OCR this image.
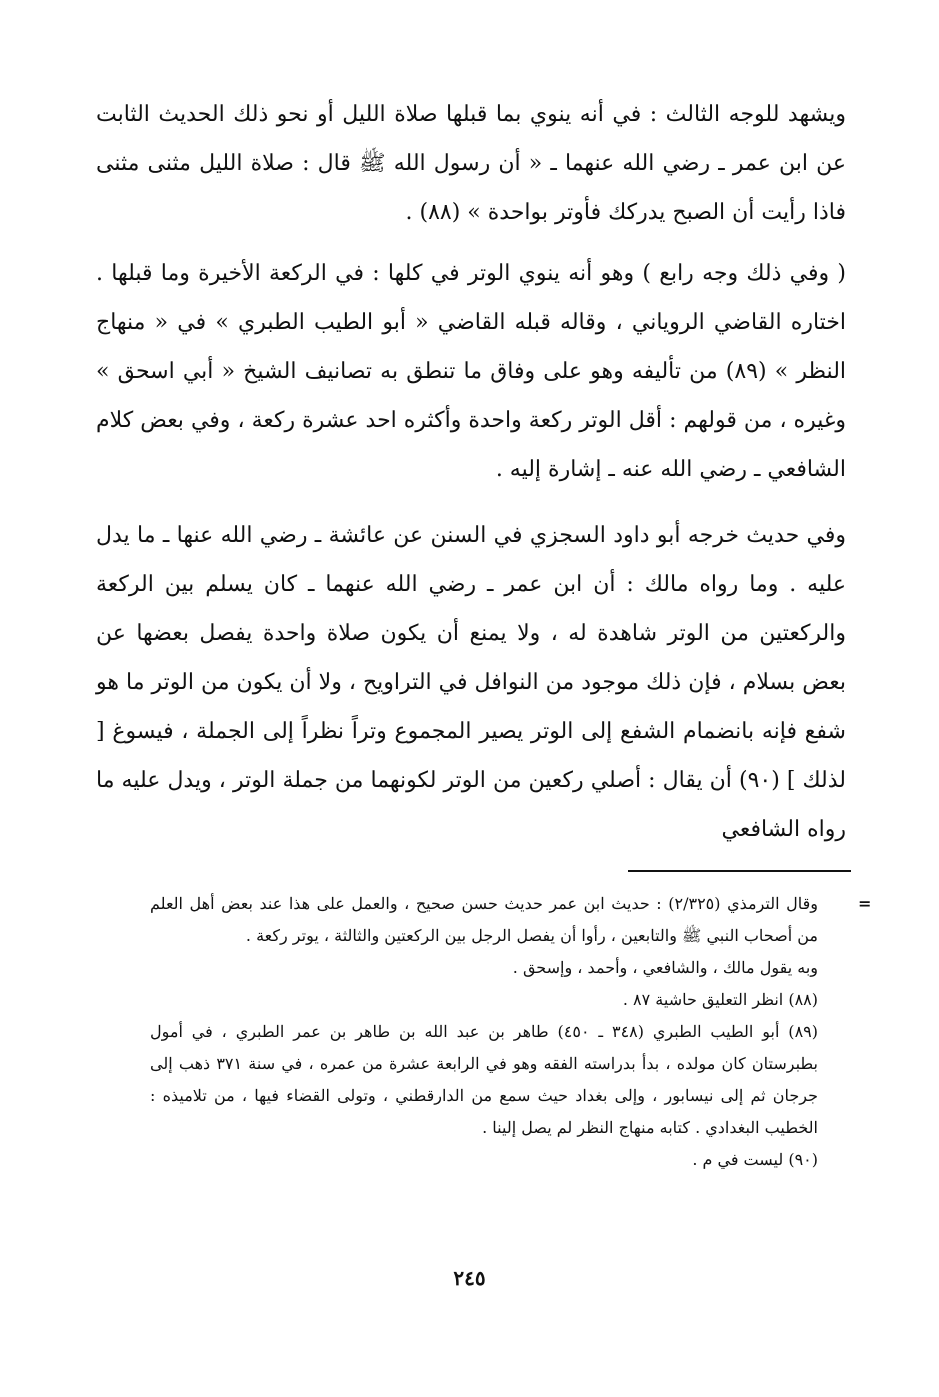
ويشهد للوجه الثالث : في أنه ينوي بما قبلها صلاة الليل أو نحو ذلك الحديث الثابت عن ابن عمر ـ رضي الله عنهما ـ « أن رسول الله ﷺ قال : صلاة الليل مثنى مثنى فاذا رأيت أن الصبح يدركك فأوتر بواحدة » (٨٨) .

( وفي ذلك وجه رابع ) وهو أنه ينوي الوتر في كلها : في الركعة الأخيرة وما قبلها . اختاره القاضي الروياني ، وقاله قبله القاضي « أبو الطيب الطبري » في « منهاج النظر » (٨٩) من تأليفه وهو على وفاق ما تنطق به تصانيف الشيخ « أبي اسحق » وغيره ، من قولهم : أقل الوتر ركعة واحدة وأكثره احد عشرة ركعة ، وفي بعض كلام الشافعي ـ رضي الله عنه ـ إشارة إليه .

وفي حديث خرجه أبو داود السجزي في السنن عن عائشة ـ رضي الله عنها ـ ما يدل عليه . وما رواه مالك : أن ابن عمر ـ رضي الله عنهما ـ كان يسلم بين الركعة والركعتين من الوتر شاهدة له ، ولا يمنع أن يكون صلاة واحدة يفصل بعضها عن بعض بسلام ، فإن ذلك موجود من النوافل في التراويح ، ولا أن يكون من الوتر ما هو شفع فإنه بانضمام الشفع إلى الوتر يصير المجموع وتراً نظراً إلى الجملة ، فيسوغ [ لذلك ] (٩٠) أن يقال : أصلي ركعين من الوتر لكونهما من جملة الوتر ، ويدل عليه ما رواه الشافعي

=

وقال الترمذي (٢/٣٢٥) : حديث ابن عمر حديث حسن صحيح ، والعمل على هذا عند بعض أهل العلم من أصحاب النبي ﷺ والتابعين ، رأوا أن يفصل الرجل بين الركعتين والثالثة ، يوتر ركعة .

وبه يقول مالك ، والشافعي ، وأحمد ، وإسحق .

(٨٨) انظر التعليق حاشية ٨٧ .

(٨٩) أبو الطيب الطبري (٣٤٨ ـ ٤٥٠) طاهر بن عبد الله بن طاهر بن عمر الطبري ، في أمول بطبرستان كان مولده ، بدأ بدراسته الفقه وهو في الرابعة عشرة من عمره ، في سنة ٣٧١ ذهب إلى جرجان ثم إلى نيسابور ، وإلى بغداد حيث سمع من الدارقطني ، وتولى القضاء فيها ، من تلاميذه : الخطيب البغدادي . كتابه منهاج النظر لم يصل إلينا .

(٩٠) ليست في م .

٢٤٥
